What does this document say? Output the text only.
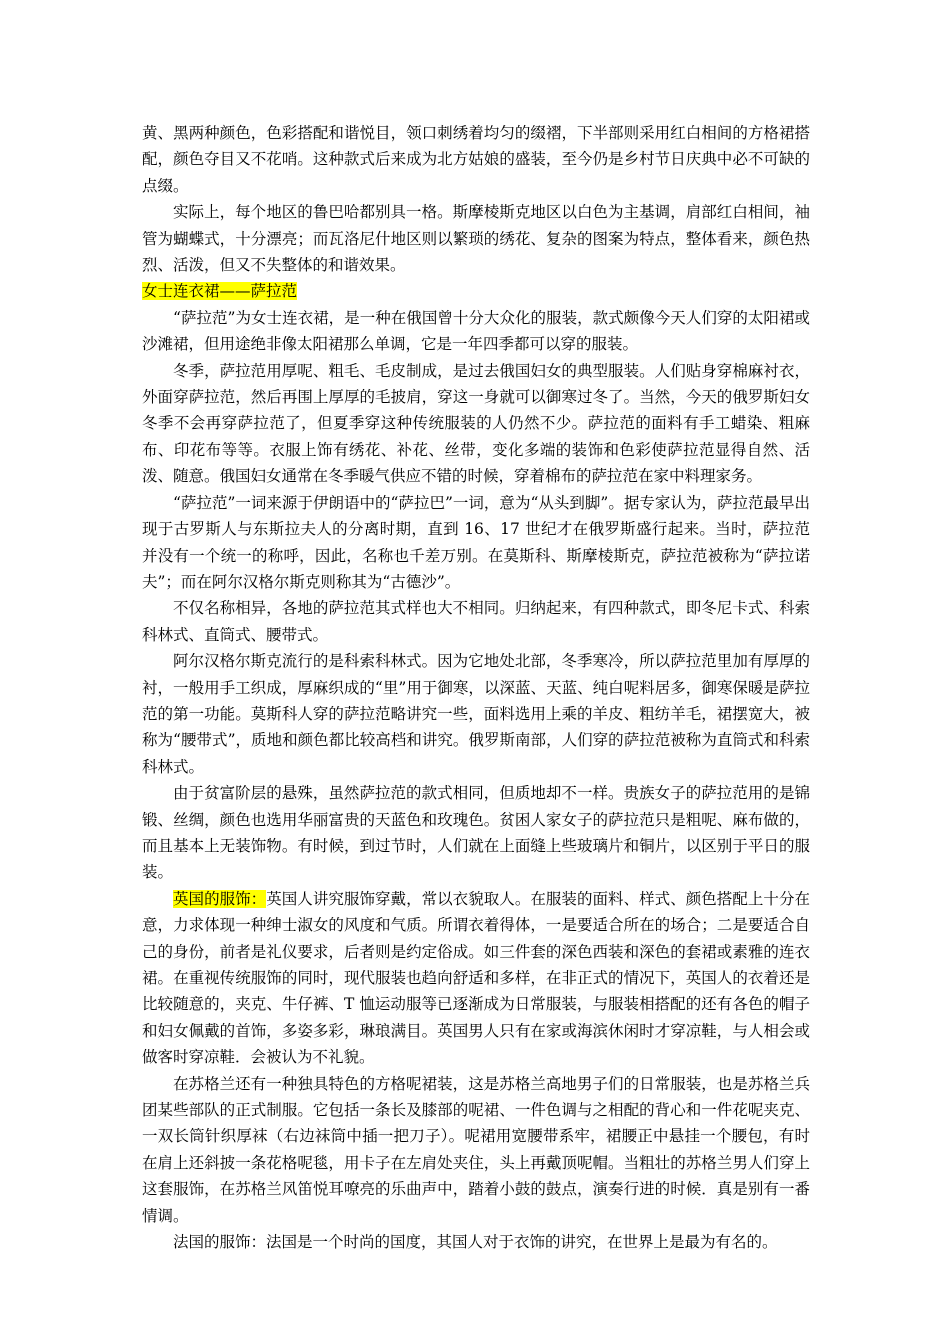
黄、黑两种颜色，色彩搭配和谐悦目，领口刺绣着均匀的缀褶，下半部则采用红白相间的方格裙搭配，颜色夺目又不花哨。这种款式后来成为北方姑娘的盛装，至今仍是乡村节日庆典中必不可缺的点缀。

实际上，每个地区的鲁巴哈都别具一格。斯摩棱斯克地区以白色为主基调，肩部红白相间，袖管为蝴蝶式，十分漂亮；而瓦洛尼什地区则以繁琐的绣花、复杂的图案为特点，整体看来，颜色热烈、活泼，但又不失整体的和谐效果。

女士连衣裙——萨拉范

“萨拉范”为女士连衣裙，是一种在俄国曾十分大众化的服装，款式颇像今天人们穿的太阳裙或沙滩裙，但用途绝非像太阳裙那么单调，它是一年四季都可以穿的服装。

冬季，萨拉范用厚呢、粗毛、毛皮制成，是过去俄国妇女的典型服装。人们贴身穿棉麻衬衣，外面穿萨拉范，然后再围上厚厚的毛披肩，穿这一身就可以御寒过冬了。当然，今天的俄罗斯妇女冬季不会再穿萨拉范了，但夏季穿这种传统服装的人仍然不少。萨拉范的面料有手工蜡染、粗麻布、印花布等等。衣服上饰有绣花、补花、丝带，变化多端的装饰和色彩使萨拉范显得自然、活泼、随意。俄国妇女通常在冬季暖气供应不错的时候，穿着棉布的萨拉范在家中料理家务。

“萨拉范”一词来源于伊朗语中的“萨拉巴”一词，意为“从头到脚”。据专家认为，萨拉范最早出现于古罗斯人与东斯拉夫人的分离时期，直到 16、17 世纪才在俄罗斯盛行起来。当时，萨拉范并没有一个统一的称呼，因此，名称也千差万别。在莫斯科、斯摩棱斯克，萨拉范被称为“萨拉诺夫”；而在阿尔汉格尔斯克则称其为“古德沙”。

不仅名称相异，各地的萨拉范其式样也大不相同。归纳起来，有四种款式，即冬尼卡式、科索科林式、直筒式、腰带式。

阿尔汉格尔斯克流行的是科索科林式。因为它地处北部，冬季寒冷，所以萨拉范里加有厚厚的衬，一般用手工织成，厚麻织成的“里”用于御寒，以深蓝、天蓝、纯白呢料居多，御寒保暖是萨拉范的第一功能。莫斯科人穿的萨拉范略讲究一些，面料选用上乘的羊皮、粗纺羊毛，裙摆宽大，被称为“腰带式”，质地和颜色都比较高档和讲究。俄罗斯南部，人们穿的萨拉范被称为直筒式和科索科林式。

由于贫富阶层的悬殊，虽然萨拉范的款式相同，但质地却不一样。贵族女子的萨拉范用的是锦锻、丝绸，颜色也选用华丽富贵的天蓝色和玫瑰色。贫困人家女子的萨拉范只是粗呢、麻布做的，而且基本上无装饰物。有时候，到过节时，人们就在上面缝上些玻璃片和铜片，以区别于平日的服装。

英国的服饰：英国人讲究服饰穿戴，常以衣貌取人。在服装的面料、样式、颜色搭配上十分在意，力求体现一种绅士淑女的风度和气质。所谓衣着得体，一是要适合所在的场合；二是要适合自己的身份，前者是礼仪要求，后者则是约定俗成。如三件套的深色西装和深色的套裙或素雅的连衣裙。在重视传统服饰的同时，现代服装也趋向舒适和多样，在非正式的情况下，英国人的衣着还是比较随意的，夹克、牛仔裤、T 恤运动服等已逐渐成为日常服装，与服装相搭配的还有各色的帽子和妇女佩戴的首饰，多姿多彩，琳琅满目。英国男人只有在家或海滨休闲时才穿凉鞋，与人相会或做客时穿凉鞋．会被认为不礼貌。

在苏格兰还有一种独具特色的方格呢裙装，这是苏格兰高地男子们的日常服装，也是苏格兰兵团某些部队的正式制服。它包括一条长及膝部的呢裙、一件色调与之相配的背心和一件花呢夹克、一双长筒针织厚袜（右边袜筒中插一把刀子）。呢裙用宽腰带系牢，裙腰正中悬挂一个腰包，有时在肩上还斜披一条花格呢毯，用卡子在左肩处夹住，头上再戴顶呢帽。当粗壮的苏格兰男人们穿上这套服饰，在苏格兰风笛悦耳嘹亮的乐曲声中，踏着小鼓的鼓点，演奏行进的时候．真是别有一番情调。

法国的服饰：法国是一个时尚的国度，其国人对于衣饰的讲究，在世界上是最为有名的。
